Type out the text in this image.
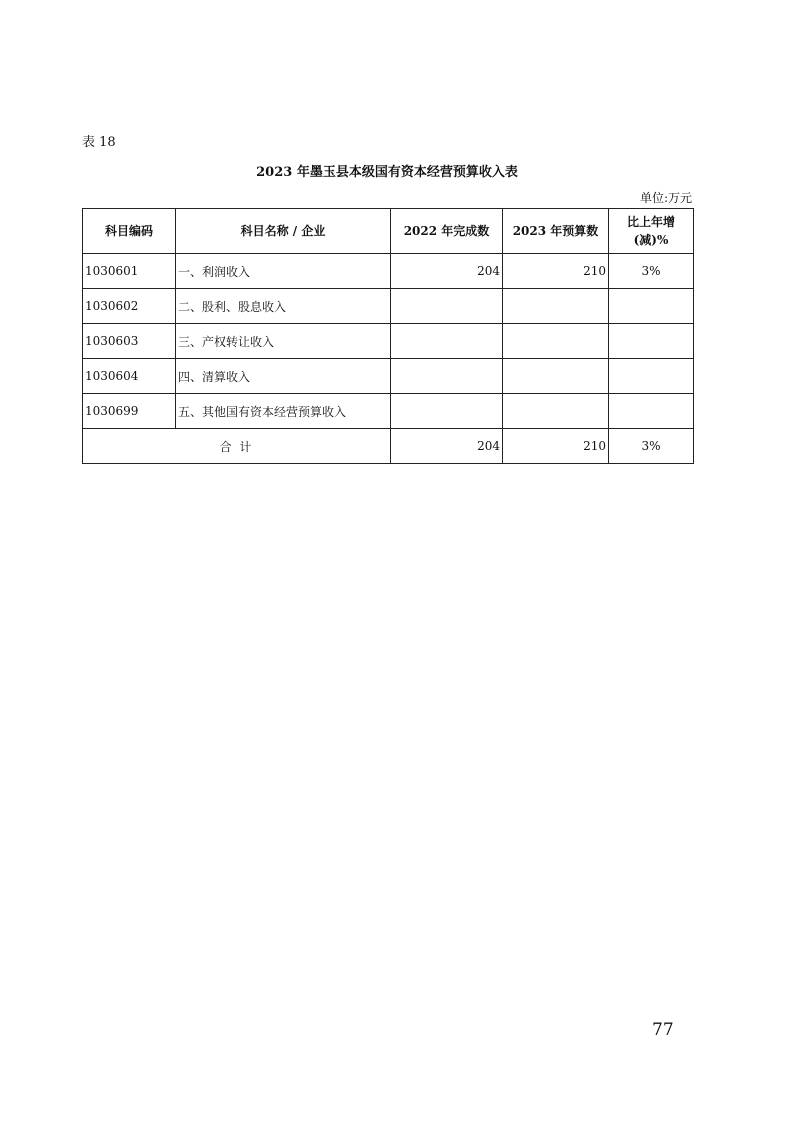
表 18
2023 年墨玉县本级国有资本经营预算收入表
单位:万元
科目编码	科目名称 / 企业	2022 年完成数	2023 年预算数	比上年增(减)%
1030601	一、利润收入	204	210	3%
1030602	二、股利、股息收入			
1030603	三、产权转让收入			
1030604	四、清算收入			
1030699	五、其他国有资本经营预算收入			
合 计		204	210	3%
77
